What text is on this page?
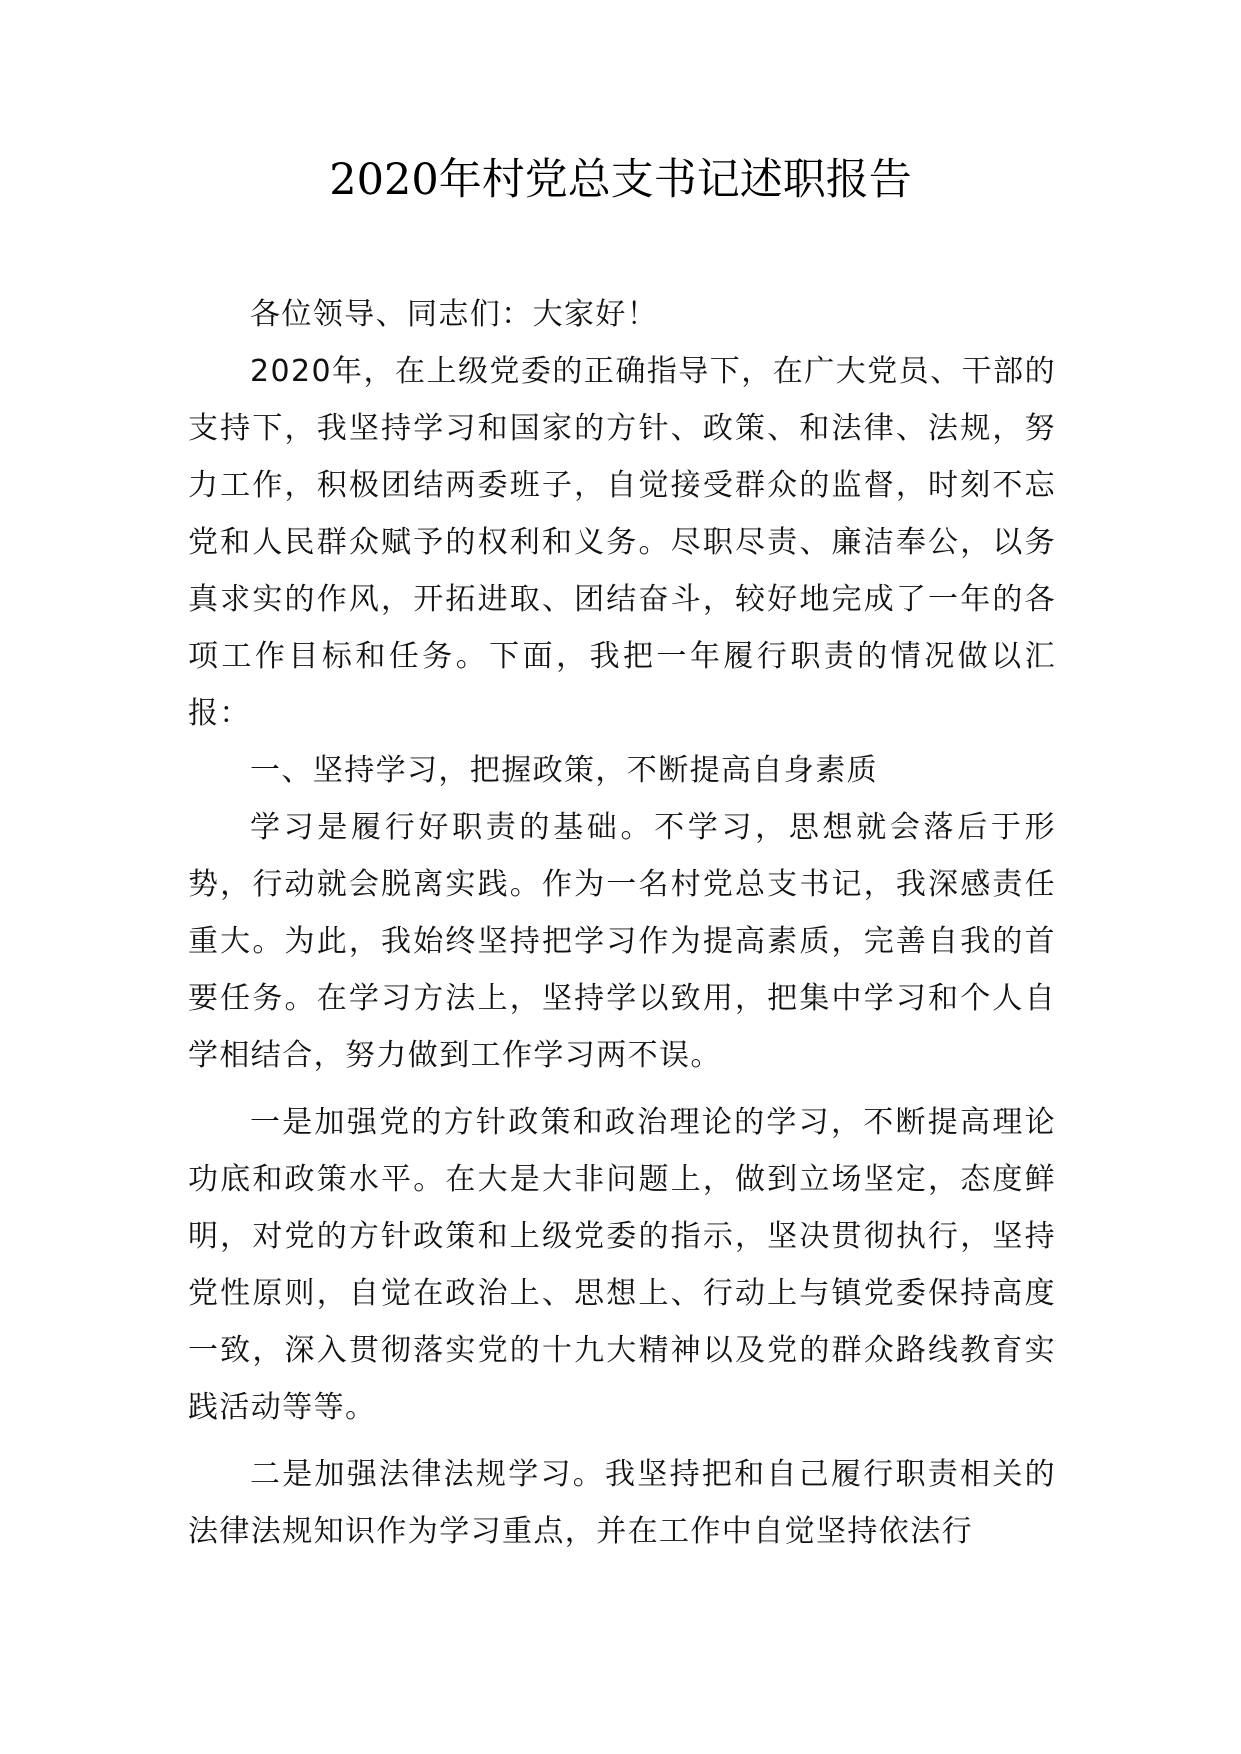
2020年村党总支书记述职报告

各位领导、同志们：大家好！

2020年，在上级党委的正确指导下，在广大党员、干部的支持下，我坚持学习和国家的方针、政策、和法律、法规，努力工作，积极团结两委班子，自觉接受群众的监督，时刻不忘党和人民群众赋予的权利和义务。尽职尽责、廉洁奉公，以务真求实的作风，开拓进取、团结奋斗，较好地完成了一年的各项工作目标和任务。下面，我把一年履行职责的情况做以汇报：

一、坚持学习，把握政策，不断提高自身素质

学习是履行好职责的基础。不学习，思想就会落后于形势，行动就会脱离实践。作为一名村党总支书记，我深感责任重大。为此，我始终坚持把学习作为提高素质，完善自我的首要任务。在学习方法上，坚持学以致用，把集中学习和个人自学相结合，努力做到工作学习两不误。

一是加强党的方针政策和政治理论的学习，不断提高理论功底和政策水平。在大是大非问题上，做到立场坚定，态度鲜明，对党的方针政策和上级党委的指示，坚决贯彻执行，坚持党性原则，自觉在政治上、思想上、行动上与镇党委保持高度一致，深入贯彻落实党的十九大精神以及党的群众路线教育实践活动等等。

二是加强法律法规学习。我坚持把和自己履行职责相关的法律法规知识作为学习重点，并在工作中自觉坚持依法行
